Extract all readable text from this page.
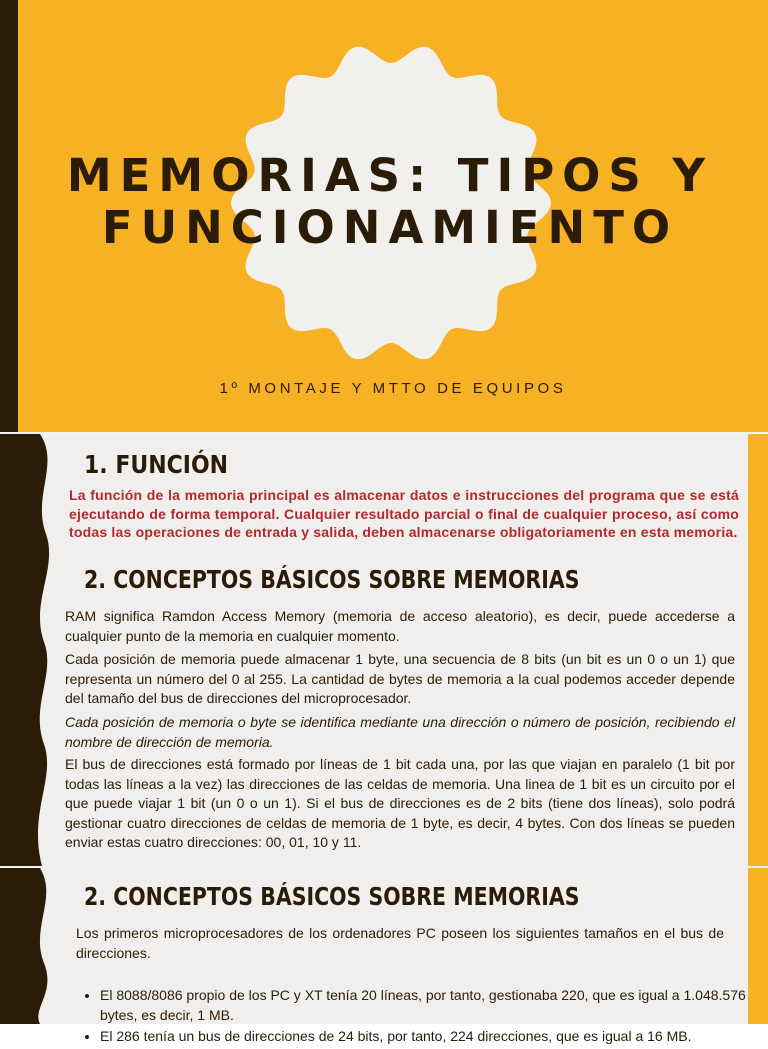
MEMORIAS: TIPOS Y FUNCIONAMIENTO
1º MONTAJE Y MTTO DE EQUIPOS
1. FUNCIÓN
La función de la memoria principal es almacenar datos e instrucciones del programa que se está ejecutando de forma temporal. Cualquier resultado parcial o final de cualquier proceso, así como todas las operaciones de entrada y salida, deben almacenarse obligatoriamente en esta memoria.
2. CONCEPTOS BÁSICOS SOBRE MEMORIAS
RAM significa Ramdon Access Memory (memoria de acceso aleatorio), es decir, puede accederse a cualquier punto de la memoria en cualquier momento.
Cada posición de memoria puede almacenar 1 byte, una secuencia de 8 bits (un bit es un 0 o un 1) que representa un número del 0 al 255. La cantidad de bytes de memoria a la cual podemos acceder depende del tamaño del bus de direcciones del microprocesador.
Cada posición de memoria o byte se identifica mediante una dirección o número de posición, recibiendo el nombre de dirección de memoria.
El bus de direcciones está formado por líneas de 1 bit cada una, por las que viajan en paralelo (1 bit por todas las líneas a la vez) las direcciones de las celdas de memoria. Una linea de 1 bit es un circuito por el que puede viajar 1 bit (un 0 o un 1). Si el bus de direcciones es de 2 bits (tiene dos líneas), solo podrá gestionar cuatro direcciones de celdas de memoria de 1 byte, es decir, 4 bytes. Con dos líneas se pueden enviar estas cuatro direcciones: 00, 01, 10 y 11.
2. CONCEPTOS BÁSICOS SOBRE MEMORIAS
Los primeros microprocesadores de los ordenadores PC poseen los siguientes tamaños en el bus de direcciones.
• El 8088/8086 propio de los PC y XT tenía 20 líneas, por tanto, gestionaba 220, que es igual a 1.048.576 bytes, es decir, 1 MB.
• El 286 tenía un bus de direcciones de 24 bits, por tanto, 224 direcciones, que es igual a 16 MB.
